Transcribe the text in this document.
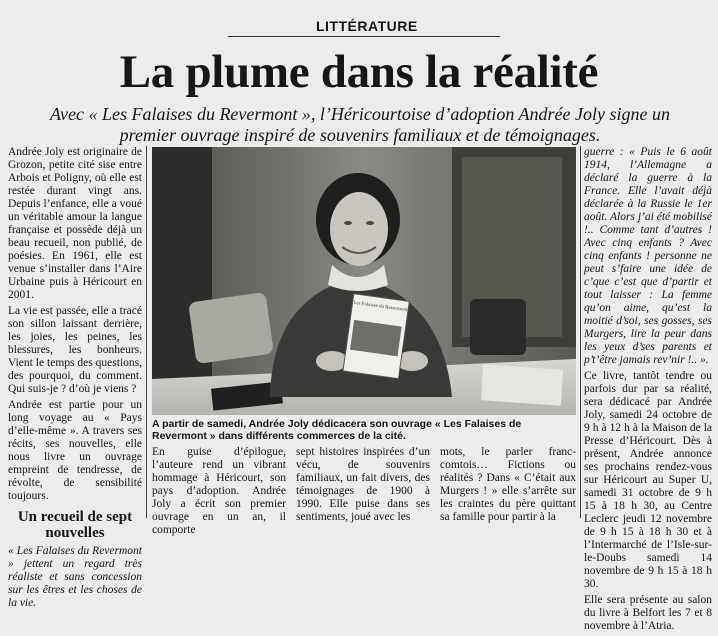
LITTÉRATURE
La plume dans la réalité
Avec « Les Falaises du Revermont », l’Héricourtoise d’adoption Andrée Joly signe un premier ouvrage inspiré de souvenirs familiaux et de témoignages.

Andrée Joly est originaire de Grozon, petite cité sise entre Arbois et Poligny, où elle est restée durant vingt ans. Depuis l’enfance, elle a voué un véritable amour la langue française et possède déjà un beau recueil, non publié, de poésies. En 1961, elle est venue s’installer dans l’Aire Urbaine puis à Héricourt en 2001.

La vie est passée, elle a tracé son sillon laissant derrière, les joies, les peines, les blessures, les bonheurs. Vient le temps des questions, des pourquoi, du comment. Qui suis-je ? d’où je viens ?

Andrée est partie pour un long voyage au « Pays d’elle-même ». A travers ses récits, ses nouvelles, elle nous livre un ouvrage empreint de tendresse, de révolte, de sensibilité toujours.

Un recueil de sept nouvelles

« Les Falaises du Revermont » jettent un regard très réaliste et sans concession sur les êtres et les choses de la vie.

Les Falaises du Revermont
A partir de samedi, Andrée Joly dédicacera son ouvrage « Les Falaises de Revermont » dans différents commerces de la cité.
En guise d’épilogue, l’auteure rend un vibrant hommage à Héricourt, son pays d’adoption. Andrée Joly a écrit son premier ouvrage en un an, il comporte
sept histoires inspirées d’un vécu, de souvenirs familiaux, un fait divers, des témoignages de 1900 à 1990. Elle puise dans ses sentiments, joué avec les
mots, le parler franc-comtois… Fictions ou réalités ? Dans « C’était aux Murgers ! » elle s’arrête sur les craintes du père quittant sa famille pour partir à la

guerre : « Puis le 6 août 1914, l’Allemagne a déclaré la guerre à la France. Elle l’avait déjà déclarée à la Russie le 1er août. Alors j’ai été mobilisé !.. Comme tant d’autres ! Avec cinq enfants ? Avec cinq enfants ! personne ne peut s’faire une idée de c’que c’est que d’partir et tout laisser : La femme qu’on aime, qu’est la moitié d’soi, ses gosses, ses Murgers, lire la peur dans les yeux d’ses parents et p’t’être jamais rev’nir !.. ».

Ce livre, tantôt tendre ou parfois dur par sa réalité, sera dédicacé par Andrée Joly, samedi 24 octobre de 9 h à 12 h à la Maison de la Presse d’Héricourt. Dès à présent, Andrée annonce ses prochains rendez-vous sur Héricourt au Super U, samedi 31 octobre de 9 h 15 à 18 h 30, au Centre Leclerc jeudi 12 novembre de 9 h 15 à 18 h 30 et à l’Intermarché de l’Isle-sur-le-Doubs samedi 14 novembre de 9 h 15 à 18 h 30.

Elle sera présente au salon du livre à Belfort les 7 et 8 novembre à l’Atria.
